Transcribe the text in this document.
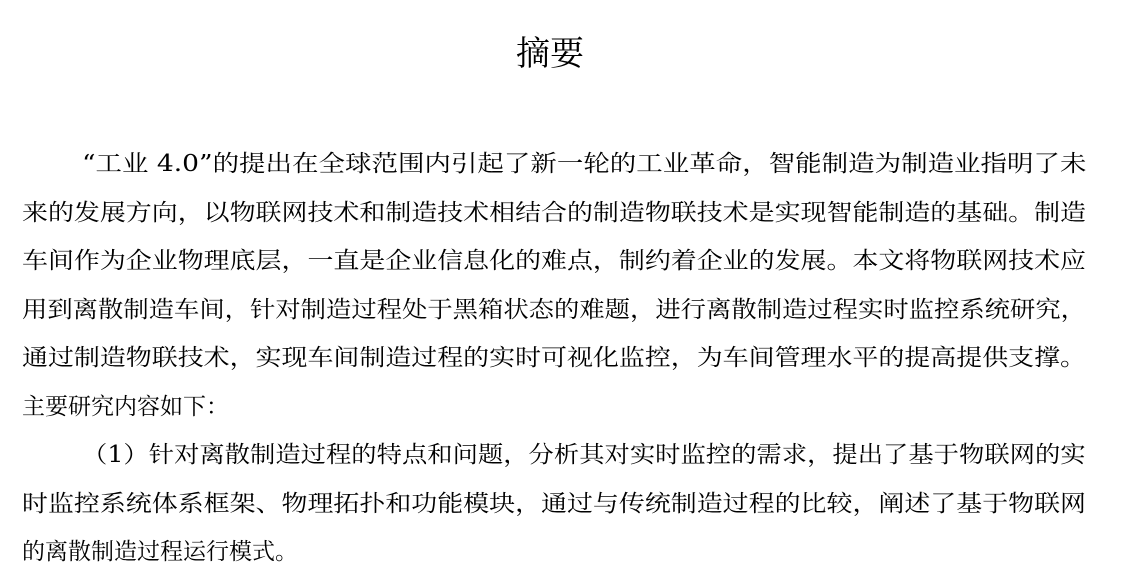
摘要
“工业 4.0”的提出在全球范围内引起了新一轮的工业革命，智能制造为制造业指明了未
来的发展方向，以物联网技术和制造技术相结合的制造物联技术是实现智能制造的基础。制造
车间作为企业物理底层，一直是企业信息化的难点，制约着企业的发展。本文将物联网技术应
用到离散制造车间，针对制造过程处于黑箱状态的难题，进行离散制造过程实时监控系统研究，
通过制造物联技术，实现车间制造过程的实时可视化监控，为车间管理水平的提高提供支撑。
主要研究内容如下：
（1）针对离散制造过程的特点和问题，分析其对实时监控的需求，提出了基于物联网的实
时监控系统体系框架、物理拓扑和功能模块，通过与传统制造过程的比较，阐述了基于物联网
的离散制造过程运行模式。
